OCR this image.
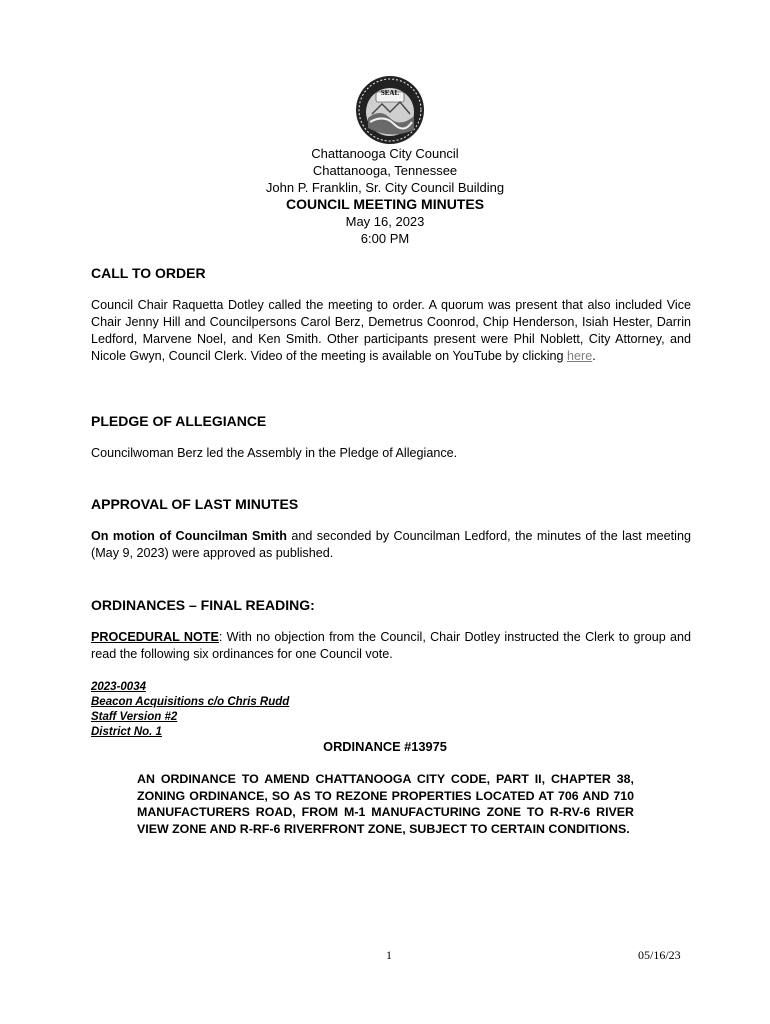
SEAL
Chattanooga City Council
Chattanooga, Tennessee
John P. Franklin, Sr. City Council Building
COUNCIL MEETING MINUTES
May 16, 2023
6:00 PM
CALL TO ORDER

Council Chair Raquetta Dotley called the meeting to order. A quorum was present that also included Vice Chair Jenny Hill and Councilpersons Carol Berz, Demetrus Coonrod, Chip Henderson, Isiah Hester, Darrin Ledford, Marvene Noel, and Ken Smith. Other participants present were Phil Noblett, City Attorney, and Nicole Gwyn, Council Clerk. Video of the meeting is available on YouTube by clicking here.

PLEDGE OF ALLEGIANCE

Councilwoman Berz led the Assembly in the Pledge of Allegiance.

APPROVAL OF LAST MINUTES

On motion of Councilman Smith and seconded by Councilman Ledford, the minutes of the last meeting (May 9, 2023) were approved as published.

ORDINANCES – FINAL READING:

PROCEDURAL NOTE: With no objection from the Council, Chair Dotley instructed the Clerk to group and read the following six ordinances for one Council vote.

2023-0034
Beacon Acquisitions c/o Chris Rudd
Staff Version #2
District No. 1
ORDINANCE #13975
AN ORDINANCE TO AMEND CHATTANOOGA CITY CODE, PART II, CHAPTER 38, ZONING ORDINANCE, SO AS TO REZONE PROPERTIES LOCATED AT 706 AND 710 MANUFACTURERS ROAD, FROM M-1 MANUFACTURING ZONE TO R-RV-6 RIVER VIEW ZONE AND R-RF-6 RIVERFRONT ZONE, SUBJECT TO CERTAIN CONDITIONS.
1	05/16/23
